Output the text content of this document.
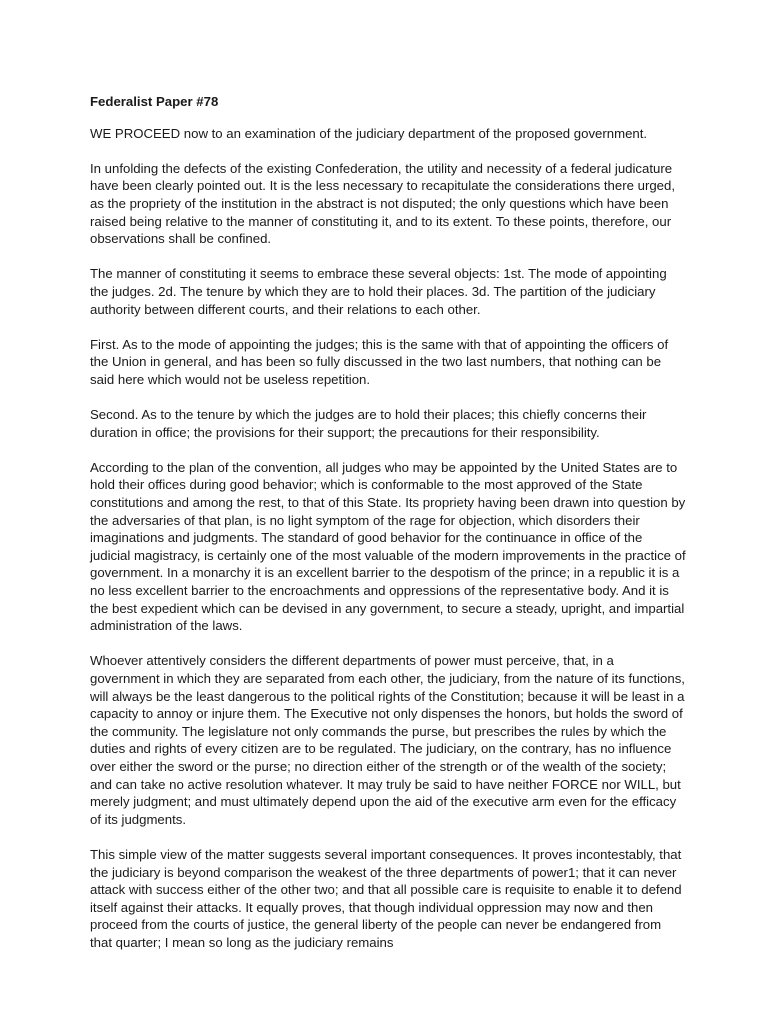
Federalist Paper #78

WE PROCEED now to an examination of the judiciary department of the proposed government.

In unfolding the defects of the existing Confederation, the utility and necessity of a federal judicature have been clearly pointed out. It is the less necessary to recapitulate the considerations there urged, as the propriety of the institution in the abstract is not disputed; the only questions which have been raised being relative to the manner of constituting it, and to its extent. To these points, therefore, our observations shall be confined.

The manner of constituting it seems to embrace these several objects: 1st. The mode of appointing the judges. 2d. The tenure by which they are to hold their places. 3d. The partition of the judiciary authority between different courts, and their relations to each other.

First. As to the mode of appointing the judges; this is the same with that of appointing the officers of the Union in general, and has been so fully discussed in the two last numbers, that nothing can be said here which would not be useless repetition.

Second. As to the tenure by which the judges are to hold their places; this chiefly concerns their duration in office; the provisions for their support; the precautions for their responsibility.

According to the plan of the convention, all judges who may be appointed by the United States are to hold their offices during good behavior; which is conformable to the most approved of the State constitutions and among the rest, to that of this State. Its propriety having been drawn into question by the adversaries of that plan, is no light symptom of the rage for objection, which disorders their imaginations and judgments. The standard of good behavior for the continuance in office of the judicial magistracy, is certainly one of the most valuable of the modern improvements in the practice of government. In a monarchy it is an excellent barrier to the despotism of the prince; in a republic it is a no less excellent barrier to the encroachments and oppressions of the representative body. And it is the best expedient which can be devised in any government, to secure a steady, upright, and impartial administration of the laws.

Whoever attentively considers the different departments of power must perceive, that, in a government in which they are separated from each other, the judiciary, from the nature of its functions, will always be the least dangerous to the political rights of the Constitution; because it will be least in a capacity to annoy or injure them. The Executive not only dispenses the honors, but holds the sword of the community. The legislature not only commands the purse, but prescribes the rules by which the duties and rights of every citizen are to be regulated. The judiciary, on the contrary, has no influence over either the sword or the purse; no direction either of the strength or of the wealth of the society; and can take no active resolution whatever. It may truly be said to have neither FORCE nor WILL, but merely judgment; and must ultimately depend upon the aid of the executive arm even for the efficacy of its judgments.

This simple view of the matter suggests several important consequences. It proves incontestably, that the judiciary is beyond comparison the weakest of the three departments of power1; that it can never attack with success either of the other two; and that all possible care is requisite to enable it to defend itself against their attacks. It equally proves, that though individual oppression may now and then proceed from the courts of justice, the general liberty of the people can never be endangered from that quarter; I mean so long as the judiciary remains
